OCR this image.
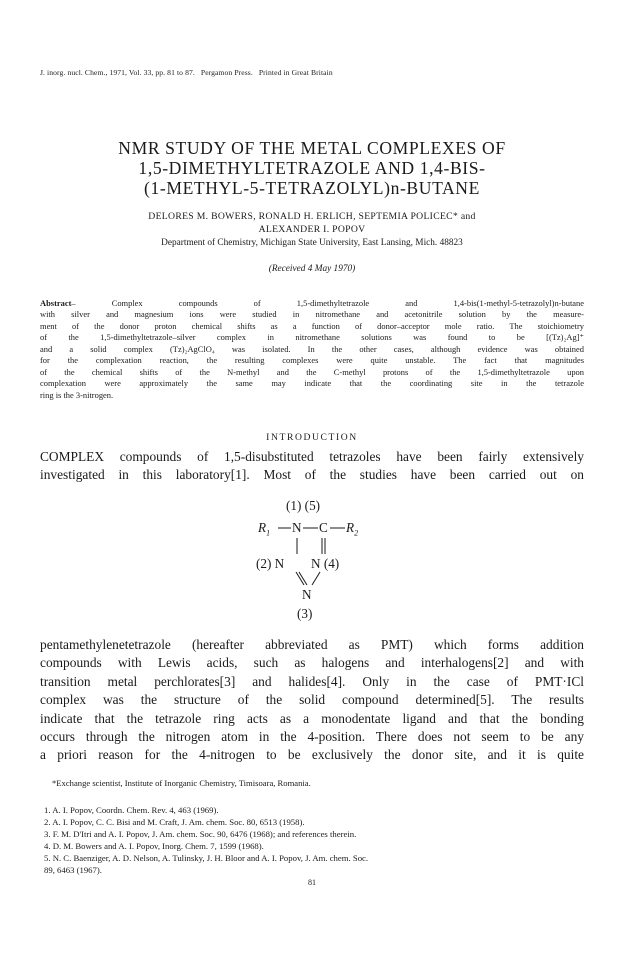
J. inorg. nucl. Chem., 1971, Vol. 33, pp. 81 to 87. Pergamon Press. Printed in Great Britain
NMR STUDY OF THE METAL COMPLEXES OF
1,5-DIMETHYLTETRAZOLE AND 1,4-BIS-
(1-METHYL-5-TETRAZOLYL)n-BUTANE
DELORES M. BOWERS, RONALD H. ERLICH, SEPTEMIA POLICEC* and
ALEXANDER I. POPOV
Department of Chemistry, Michigan State University, East Lansing, Mich. 48823
(Received 4 May 1970)
Abstract– Complex compounds of 1,5-dimethyltetrazole and 1,4-bis(1-methyl-5-tetrazolyl)n-butane
with silver and magnesium ions were studied in nitromethane and acetonitrile solution by the measure-
ment of the donor proton chemical shifts as a function of donor–acceptor mole ratio. The stoichiometry
of the 1,5-dimethyltetrazole–silver complex in nitromethane solutions was found to be [(Tz)₂Ag]⁺
and a solid complex (Tz)₂AgClO₄ was isolated. In the other cases, although evidence was obtained
for the complexation reaction, the resulting complexes were quite unstable. The fact that magnitudes
of the chemical shifts of the N-methyl and the C-methyl protons of the 1,5-dimethyltetrazole upon
complexation were approximately the same may indicate that the coordinating site in the tetrazole
ring is the 3-nitrogen.
INTRODUCTION
COMPLEX compounds of 1,5-disubstituted tetrazoles have been fairly extensively
investigated in this laboratory[1]. Most of the studies have been carried out on
(1) (5)
$R_1$ N C $R_2$
(2) N N (4)
N
(3)
pentamethylenetetrazole (hereafter abbreviated as PMT) which forms addition
compounds with Lewis acids, such as halogens and interhalogens[2] and with
transition metal perchlorates[3] and halides[4]. Only in the case of PMT·ICl
complex was the structure of the solid compound determined[5]. The results
indicate that the tetrazole ring acts as a monodentate ligand and that the bonding
occurs through the nitrogen atom in the 4-position. There does not seem to be any
a priori reason for the 4-nitrogen to be exclusively the donor site, and it is quite
*Exchange scientist, Institute of Inorganic Chemistry, Timisoara, Romania.
1. A. I. Popov, Coordn. Chem. Rev. 4, 463 (1969).
2. A. I. Popov, C. C. Bisi and M. Craft, J. Am. chem. Soc. 80, 6513 (1958).
3. F. M. D'Itri and A. I. Popov, J. Am. chem. Soc. 90, 6476 (1968); and references therein.
4. D. M. Bowers and A. I. Popov, Inorg. Chem. 7, 1599 (1968).
5. N. C. Baenziger, A. D. Nelson, A. Tulinsky, J. H. Bloor and A. I. Popov, J. Am. chem. Soc.
89, 6463 (1967).
81
